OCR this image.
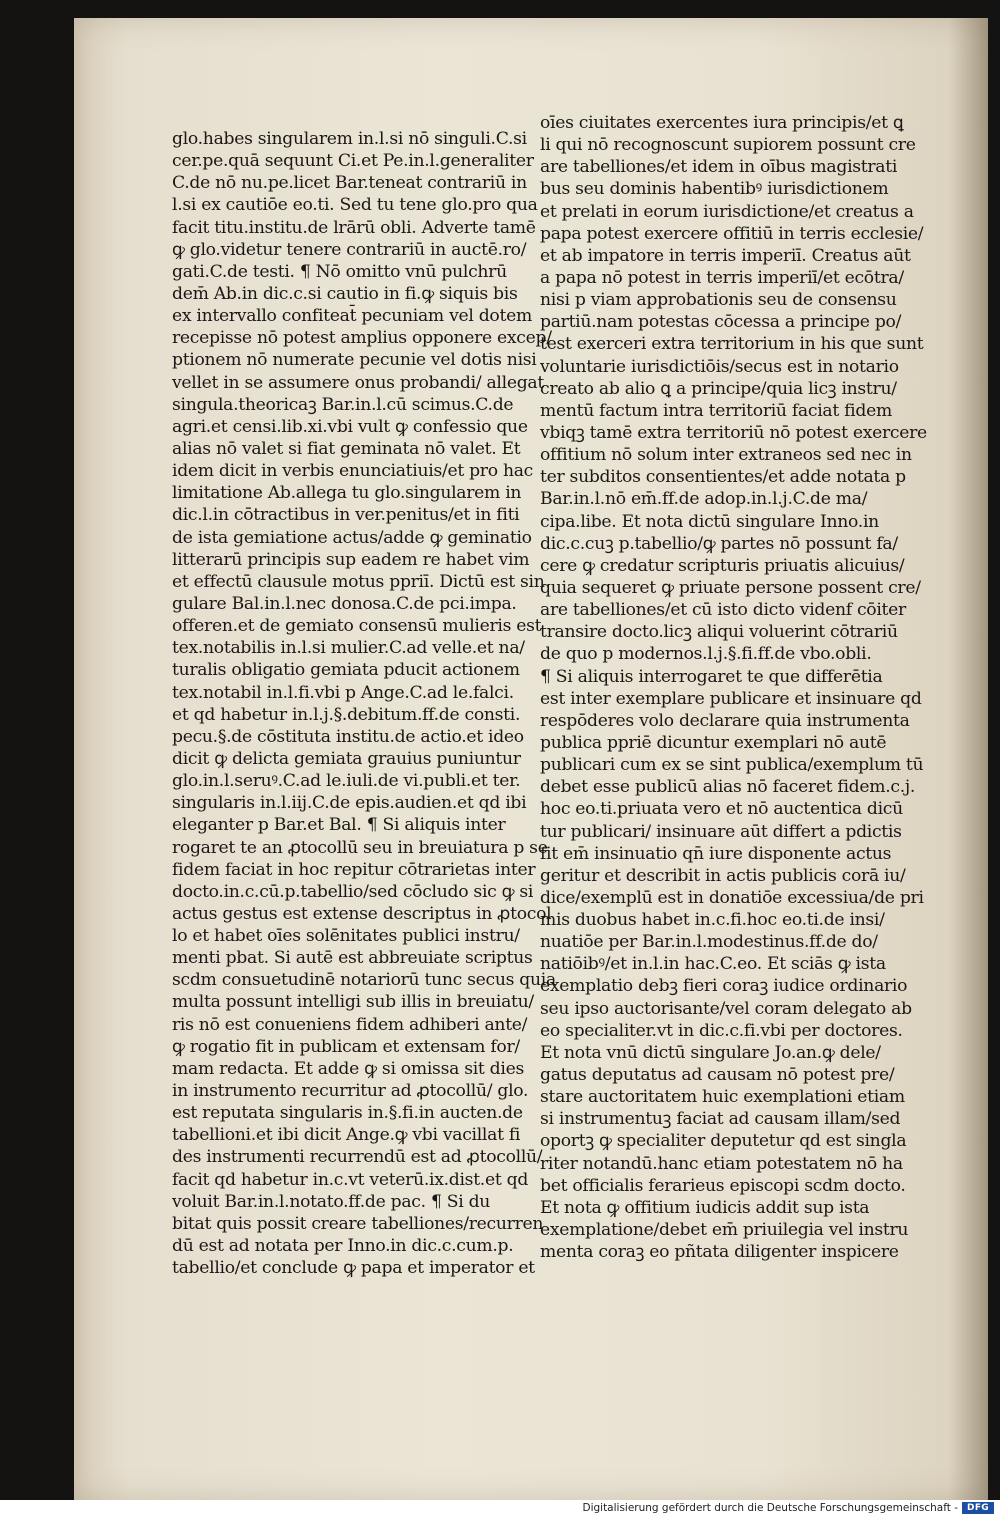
glo.habes singularem in.l.si nō singuli.C.si
cer.pe.quā sequunt Ci.et Pe.in.l.generaliter
C.de nō nu.pe.licet Bar.teneat contrariū in
l.si ex cautiōe eo.ti. Sed tu tene glo.pro qua
facit titu.institu.de lrārū obli. Adverte tamē
ꝙ glo.videtur tenere contrariū in auctē.ro/
gati.C.de testi. ¶ Nō omitto vnū pulchrū
dem̄ Ab.in dic.c.si cautio in fi.ꝙ siquis bis
ex intervallo confiteat̄ pecuniam vel dotem
recepisse nō potest amplius opponere excep/
ptionem nō numerate pecunie vel dotis nisi
vellet in se assumere onus probandi/ allegat
singula.theoricaꝫ Bar.in.l.cū scimus.C.de
agri.et censi.lib.xi.vbi vult ꝙ confessio que
alias nō valet si fiat geminata nō valet. Et
idem dicit in verbis enunciatiuis/et pro hac
limitatione Ab.allega tu glo.singularem in
dic.l.in cōtractibus in ver.penitus/et in fiti
de ista gemiatione actus/adde ꝙ geminatio
litterarū principis sup eadem re habet vim
et effectū clausule motus ppriī. Dictū est sin
gulare Bal.in.l.nec donosa.C.de pci.impa.
offeren.et de gemiato consensū mulieris est
tex.notabilis in.l.si mulier.C.ad velle.et na/
turalis obligatio gemiata pducit actionem
tex.notabil in.l.fi.vbi p Ange.C.ad le.falci.
et qd habetur in.l.j.§.debitum.ff.de consti.
pecu.§.de cōstituta institu.de actio.et ideo
dicit ꝙ delicta gemiata grauius puniuntur
glo.in.l.seruꝰ.C.ad le.iuli.de vi.publi.et ter.
singularis in.l.iij.C.de epis.audien.et qd ibi
eleganter p Bar.et Bal. ¶ Si aliquis inter
rogaret te an ꝓtocollū seu in breuiatura p se
fidem faciat in hoc repitur cōtrarietas inter
docto.in.c.cū.p.tabellio/sed cōcludo sic ꝙ si
actus gestus est extense descriptus in ꝓtocol
lo et habet oīes solēnitates publici instru/
menti pbat. Si autē est abbreuiate scriptus
scdm consuetudinē notariorū tunc secus quia
multa possunt intelligi sub illis in breuiatu/
ris nō est conueniens fidem adhiberi ante/
ꝙ rogatio fit in publicam et extensam for/
mam redacta. Et adde ꝙ si omissa sit dies
in instrumento recurritur ad ꝓtocollū/ glo.
est reputata singularis in.§.fi.in aucten.de
tabellioni.et ibi dicit Ange.ꝙ vbi vacillat fi
des instrumenti recurrendū est ad ꝓtocollū/
facit qd habetur in.c.vt veterū.ix.dist.et qd
voluit Bar.in.l.notato.ff.de pac. ¶ Si du
bitat quis possit creare tabelliones/recurren
dū est ad notata per Inno.in dic.c.cum.p.
tabellio/et conclude ꝙ papa et imperator et
oīes ciuitates exercentes iura principis/et ꝗ
li qui nō recognoscunt supiorem possunt cre
are tabelliones/et idem in oībus magistrati
bus seu dominis habentibꝰ iurisdictionem
et prelati in eorum iurisdictione/et creatus a
papa potest exercere offitiū in terris ecclesie/
et ab impatore in terris imperiī. Creatus aūt
a papa nō potest in terris imperiī/et ecōtra/
nisi p viam approbationis seu de consensu
partiū.nam potestas cōcessa a principe po/
test exerceri extra territorium in his que sunt
voluntarie iurisdictiōis/secus est in notario
creato ab alio ꝗ a principe/quia licꝫ instru/
mentū factum intra territoriū faciat fidem
vbiqꝫ tamē extra territoriū nō potest exercere
offitium nō solum inter extraneos sed nec in
ter subditos consentientes/et adde notata p
Bar.in.l.nō em̄.ff.de adop.in.l.j.C.de ma/
cipa.libe. Et nota dictū singulare Inno.in
dic.c.cuꝫ p.tabellio/ꝙ partes nō possunt fa/
cere ꝙ credatur scripturis priuatis alicuius/
quia sequeret ꝙ priuate persone possent cre/
are tabelliones/et cū isto dicto videnf cōiter
transire docto.licꝫ aliqui voluerint cōtrariū
de quo p modernos.l.j.§.fi.ff.de vbo.obli.
¶ Si aliquis interrogaret te que differētia
est inter exemplare publicare et insinuare qd
respōderes volo declarare quia instrumenta
publica ppriē dicuntur exemplari nō autē
publicari cum ex se sint publica/exemplum tū
debet esse publicū alias nō faceret fidem.c.j.
hoc eo.ti.priuata vero et nō auctentica dicū
tur publicari/ insinuare aūt differt a pdictis
fit em̄ insinuatio qn̄ iure disponente actus
geritur et describit in actis publicis corā iu/
dice/exemplū est in donatiōe excessiua/de pri
mis duobus habet in.c.fi.hoc eo.ti.de insi/
nuatiōe per Bar.in.l.modestinus.ff.de do/
natiōibꝰ/et in.l.in hac.C.eo. Et sciās ꝙ ista
exemplatio debꝫ fieri coraꝫ iudice ordinario
seu ipso auctorisante/vel coram delegato ab
eo specialiter.vt in dic.c.fi.vbi per doctores.
Et nota vnū dictū singulare Jo.an.ꝙ dele/
gatus deputatus ad causam nō potest pre/
stare auctoritatem huic exemplationi etiam
si instrumentuꝫ faciat ad causam illam/sed
oportꝫ ꝙ specialiter deputetur qd est singla
riter notandū.hanc etiam potestatem nō ha
bet officialis ferarieus episcopi scdm docto.
Et nota ꝙ offitium iudicis addit sup ista
exemplatione/debet em̄ priuilegia vel instru
menta coraꝫ eo pñtata diligenter inspicere
Digitalisierung gefördert durch die Deutsche Forschungsgemeinschaft -	DFG
